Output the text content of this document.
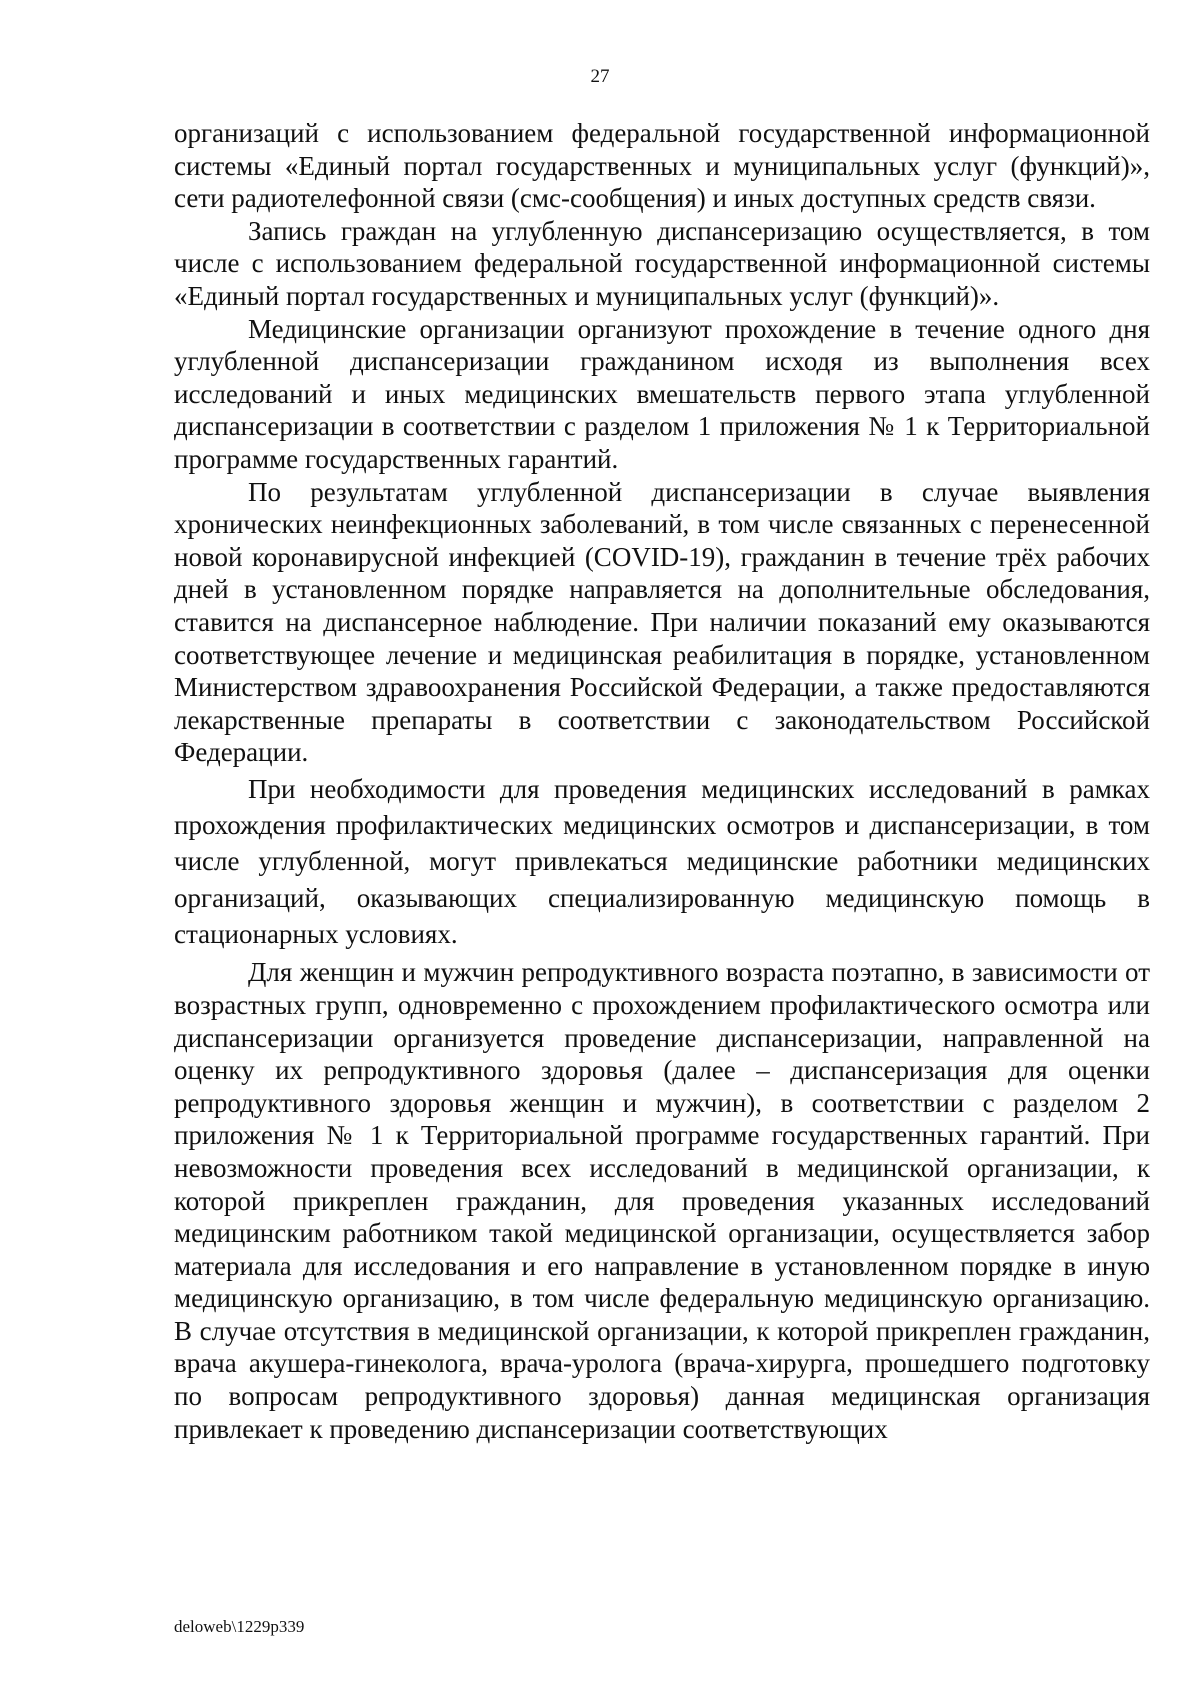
27

организаций с использованием федеральной государственной информационной системы «Единый портал государственных и муниципальных услуг (функций)», сети радиотелефонной связи (смс-сообщения) и иных доступных средств связи.

Запись граждан на углубленную диспансеризацию осуществляется, в том числе с использованием федеральной государственной информационной системы «Единый портал государственных и муниципальных услуг (функций)».

Медицинские организации организуют прохождение в течение одного дня углубленной диспансеризации гражданином исходя из выполнения всех исследований и иных медицинских вмешательств первого этапа углубленной диспансеризации в соответствии с разделом 1 приложения № 1 к Территориальной программе государственных гарантий.

По результатам углубленной диспансеризации в случае выявления хронических неинфекционных заболеваний, в том числе связанных с перенесенной новой коронавирусной инфекцией (COVID-19), гражданин в течение трёх рабочих дней в установленном порядке направляется на дополнительные обследования, ставится на диспансерное наблюдение. При наличии показаний ему оказываются соответствующее лечение и медицинская реабилитация в порядке, установленном Министерством здравоохранения Российской Федерации, а также предоставляются лекарственные препараты в соответствии с законодательством Российской Федерации.

При необходимости для проведения медицинских исследований в рамках прохождения профилактических медицинских осмотров и диспансеризации, в том числе углубленной, могут привлекаться медицинские работники медицинских организаций, оказывающих специализированную медицинскую помощь в стационарных условиях.

Для женщин и мужчин репродуктивного возраста поэтапно, в зависимости от возрастных групп, одновременно с прохождением профилактического осмотра или диспансеризации организуется проведение диспансеризации, направленной на оценку их репродуктивного здоровья (далее – диспансеризация для оценки репродуктивного здоровья женщин и мужчин), в соответствии с разделом 2 приложения № 1 к Территориальной программе государственных гарантий. При невозможности проведения всех исследований в медицинской организации, к которой прикреплен гражданин, для проведения указанных исследований медицинским работником такой медицинской организации, осуществляется забор материала для исследования и его направление в установленном порядке в иную медицинскую организацию, в том числе федеральную медицинскую организацию. В случае отсутствия в медицинской организации, к которой прикреплен гражданин, врача акушера-гинеколога, врача-уролога (врача-хирурга, прошедшего подготовку по вопросам репродуктивного здоровья) данная медицинская организация привлекает к проведению диспансеризации соответствующих

deloweb\1229p339
